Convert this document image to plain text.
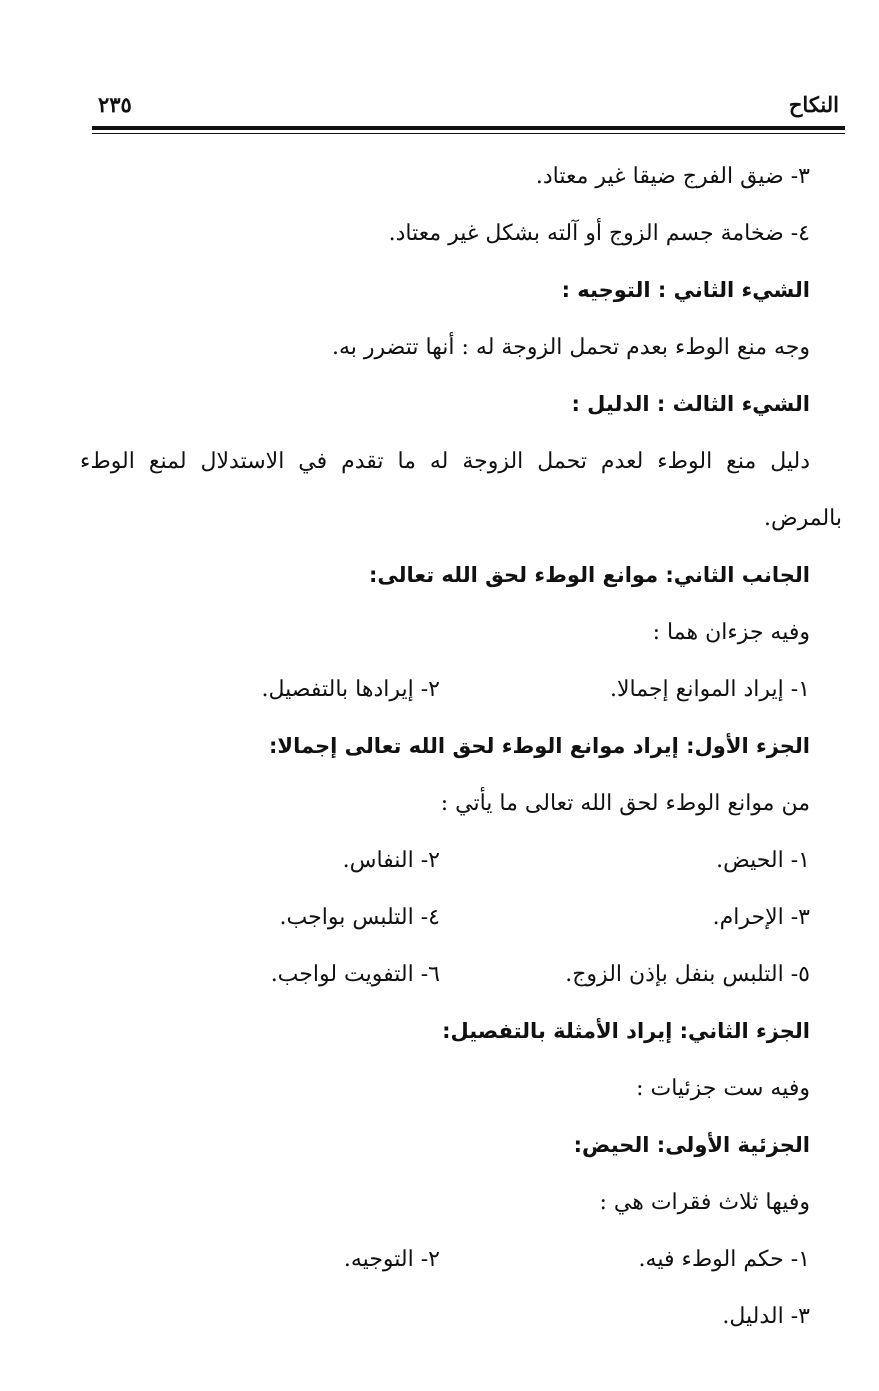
النكاح
٢٣٥
٣- ضيق الفرج ضيقا غير معتاد.
٤- ضخامة جسم الزوج أو آلته بشكل غير معتاد.
الشيء الثاني : التوجيه :
وجه منع الوطء بعدم تحمل الزوجة له : أنها تتضرر به.
الشيء الثالث : الدليل :
دليل منع الوطء لعدم تحمل الزوجة له ما تقدم في الاستدلال لمنع الوطء
بالمرض.
الجانب الثاني: موانع الوطء لحق الله تعالى:
وفيه جزءان هما :
١- إيراد الموانع إجمالا.
٢- إيرادها بالتفصيل.
الجزء الأول: إيراد موانع الوطء لحق الله تعالى إجمالا:
من موانع الوطء لحق الله تعالى ما يأتي :
١- الحيض.
٢- النفاس.
٣- الإحرام.
٤- التلبس بواجب.
٥- التلبس بنفل بإذن الزوج.
٦- التفويت لواجب.
الجزء الثاني: إيراد الأمثلة بالتفصيل:
وفيه ست جزئيات :
الجزئية الأولى: الحيض:
وفيها ثلاث فقرات هي :
١- حكم الوطء فيه.
٢- التوجيه.
٣- الدليل.
